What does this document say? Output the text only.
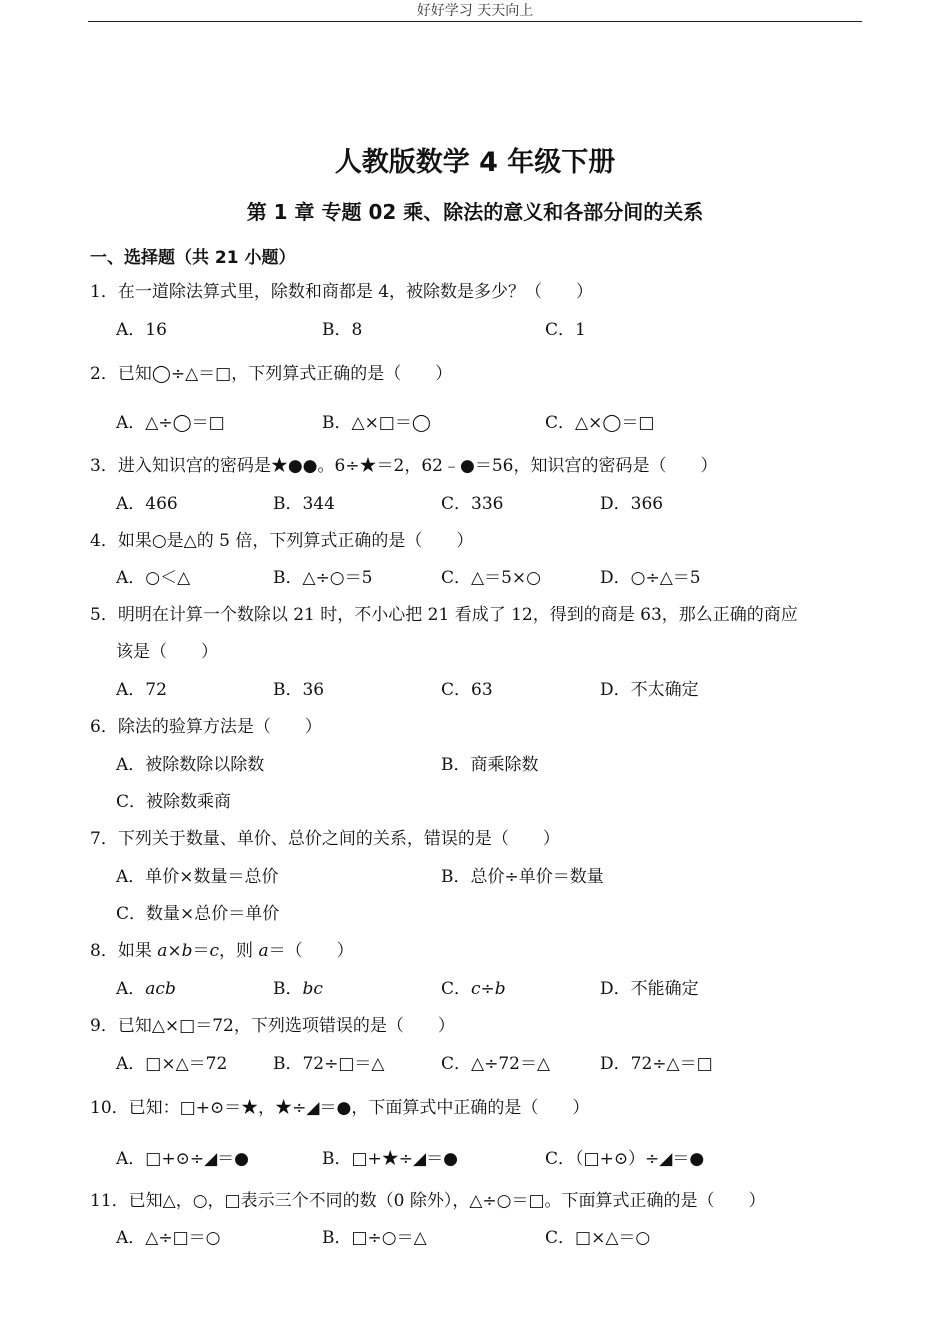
好好学习 天天向上
人教版数学 4 年级下册
第 1 章 专题 02 乘、除法的意义和各部分间的关系
一、选择题（共 21 小题）
1．在一道除法算式里，除数和商都是 4，被除数是多少？（　　）
A．16	B．8	C．1
2．已知◯÷△＝□，下列算式正确的是（　　）
A．△÷◯＝□	B．△×□＝◯	C．△×◯＝□
3．进入知识宫的密码是★●●。6÷★＝2，62﹣●＝56，知识宫的密码是（　　）
A．466	B．344	C．336	D．366
4．如果○是△的 5 倍，下列算式正确的是（　　）
A．○＜△	B．△÷○＝5	C．△＝5×○	D．○÷△＝5
5．明明在计算一个数除以 21 时，不小心把 21 看成了 12，得到的商是 63，那么正确的商应
该是（　　）
A．72	B．36	C．63	D．不太确定
6．除法的验算方法是（　　）
A．被除数除以除数	B．商乘除数
C．被除数乘商
7．下列关于数量、单价、总价之间的关系，错误的是（　　）
A．单价×数量＝总价	B．总价÷单价＝数量
C．数量×总价＝单价
8．如果 a×b＝c，则 a＝（　　）
A．acb	B．bc	C．c÷b	D．不能确定
9．已知△×□＝72，下列选项错误的是（　　）
A．□×△＝72	B．72÷□＝△	C．△÷72＝△	D．72÷△＝□
10．已知：□+⊙＝★，★÷◢＝●，下面算式中正确的是（　　）
A．□+⊙÷◢＝●	B．□+★÷◢＝●	C．（□+⊙）÷◢＝●
11．已知△，○，□表示三个不同的数（0 除外），△÷○＝□。下面算式正确的是（　　）
A．△÷□＝○	B．□÷○＝△	C．□×△＝○
